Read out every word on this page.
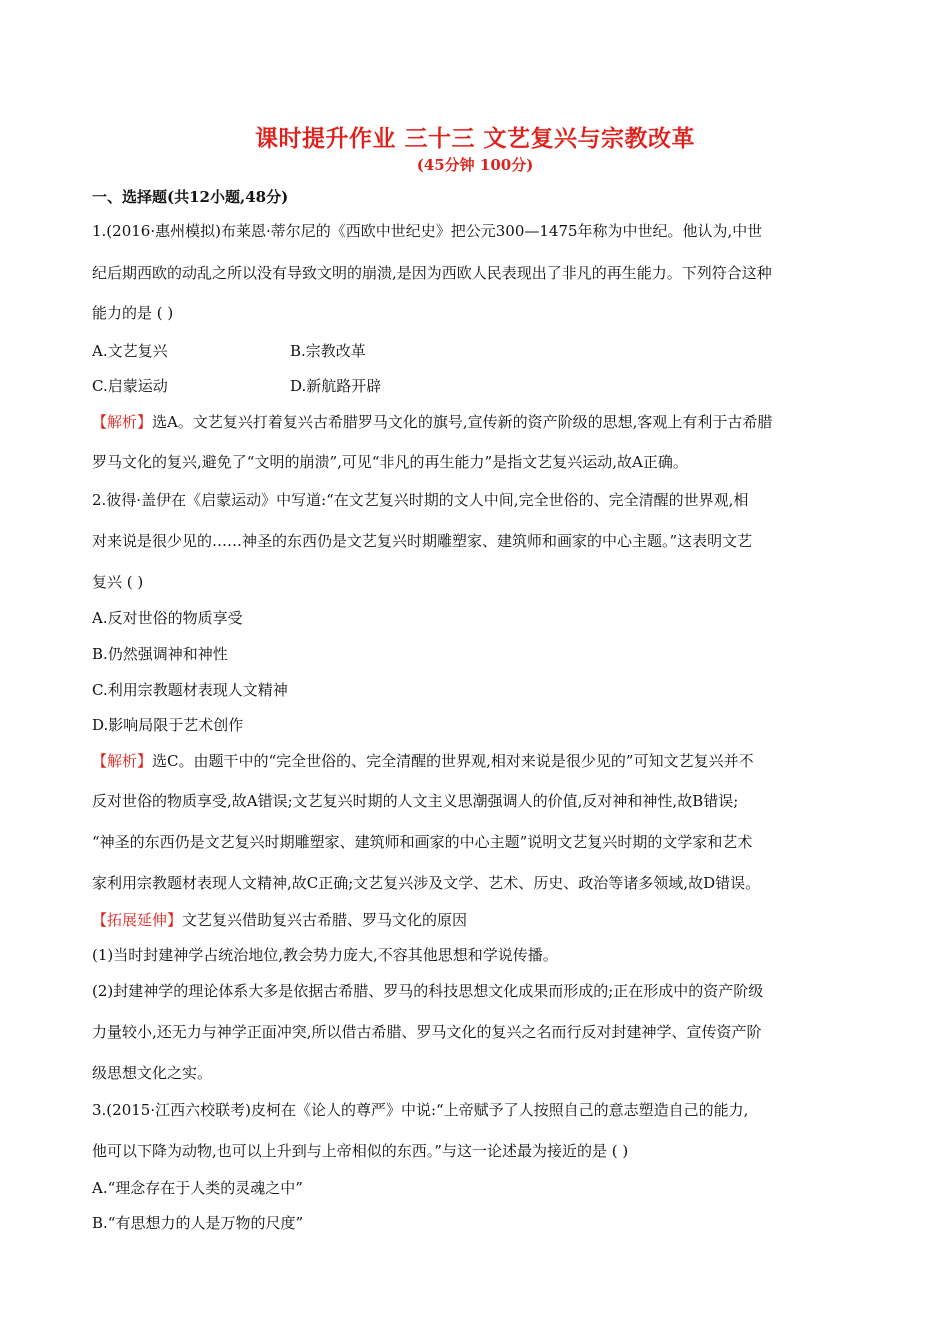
课时提升作业 三十三 文艺复兴与宗教改革
(45分钟 100分)
一、选择题(共12小题,48分)
1.(2016·惠州模拟)布莱恩·蒂尔尼的《西欧中世纪史》把公元300—1475年称为中世纪。他认为,中世
纪后期西欧的动乱之所以没有导致文明的崩溃,是因为西欧人民表现出了非凡的再生能力。下列符合这种
能力的是 ( )
A.文艺复兴	B.宗教改革
C.启蒙运动	D.新航路开辟
【解析】选A。文艺复兴打着复兴古希腊罗马文化的旗号,宣传新的资产阶级的思想,客观上有利于古希腊
罗马文化的复兴,避免了“文明的崩溃”,可见“非凡的再生能力”是指文艺复兴运动,故A正确。
2.彼得·盖伊在《启蒙运动》中写道:“在文艺复兴时期的文人中间,完全世俗的、完全清醒的世界观,相
对来说是很少见的……神圣的东西仍是文艺复兴时期雕塑家、建筑师和画家的中心主题。”这表明文艺
复兴 ( )
A.反对世俗的物质享受
B.仍然强调神和神性
C.利用宗教题材表现人文精神
D.影响局限于艺术创作
【解析】选C。由题干中的“完全世俗的、完全清醒的世界观,相对来说是很少见的”可知文艺复兴并不
反对世俗的物质享受,故A错误;文艺复兴时期的人文主义思潮强调人的价值,反对神和神性,故B错误;
“神圣的东西仍是文艺复兴时期雕塑家、建筑师和画家的中心主题”说明文艺复兴时期的文学家和艺术
家利用宗教题材表现人文精神,故C正确;文艺复兴涉及文学、艺术、历史、政治等诸多领域,故D错误。
【拓展延伸】文艺复兴借助复兴古希腊、罗马文化的原因
(1)当时封建神学占统治地位,教会势力庞大,不容其他思想和学说传播。
(2)封建神学的理论体系大多是依据古希腊、罗马的科技思想文化成果而形成的;正在形成中的资产阶级
力量较小,还无力与神学正面冲突,所以借古希腊、罗马文化的复兴之名而行反对封建神学、宣传资产阶
级思想文化之实。
3.(2015·江西六校联考)皮柯在《论人的尊严》中说:“上帝赋予了人按照自己的意志塑造自己的能力,
他可以下降为动物,也可以上升到与上帝相似的东西。”与这一论述最为接近的是 ( )
A.“理念存在于人类的灵魂之中”
B.“有思想力的人是万物的尺度”
